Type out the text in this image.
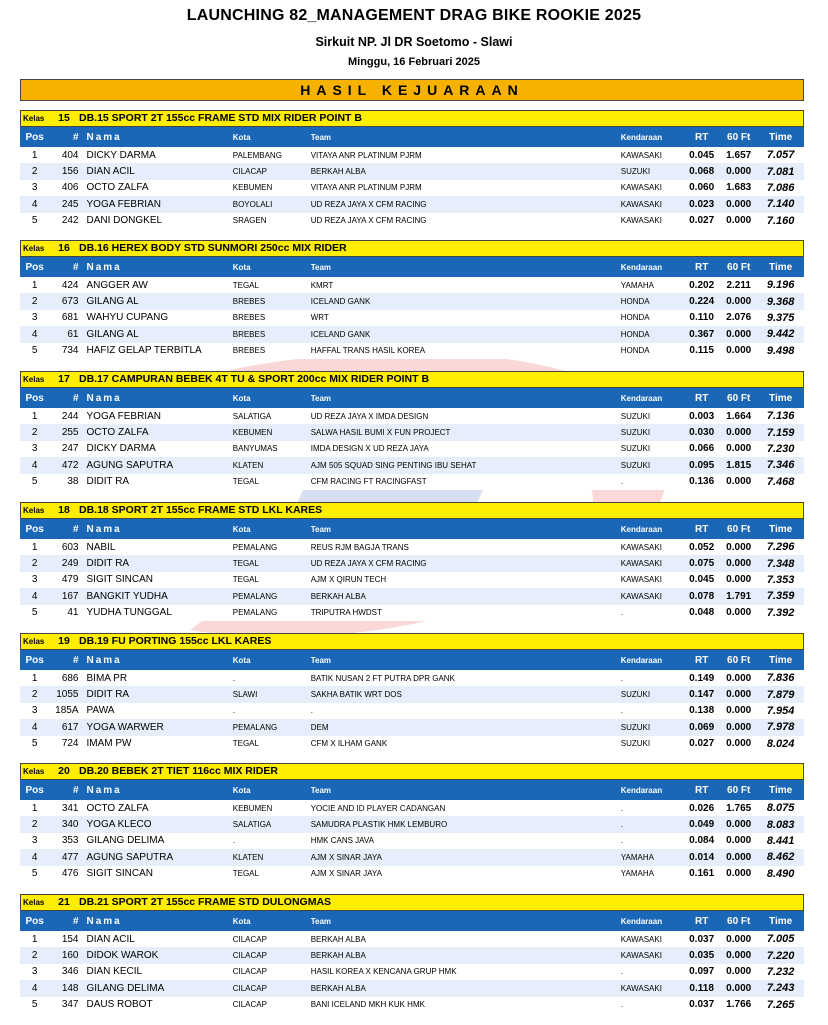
LAUNCHING 82_MANAGEMENT DRAG BIKE ROOKIE 2025
Sirkuit NP. Jl DR Soetomo - Slawi
Minggu, 16 Februari 2025
HASIL KEJUARAAN
Kelas	15 DB.15 SPORT 2T 155cc FRAME STD MIX RIDER POINT B
Pos	# Nama	Kota	Team	Kendaraan	RT	60 Ft	Time
1	404 DICKY DARMA	PALEMBANG	VITAYA ANR PLATINUM PJRM	KAWASAKI	0.045	1.657	7.057
2	156 DIAN ACIL	CILACAP	BERKAH ALBA	SUZUKI	0.068	0.000	7.081
3	406 OCTO ZALFA	KEBUMEN	VITAYA ANR PLATINUM PJRM	KAWASAKI	0.060	1.683	7.086
4	245 YOGA FEBRIAN	BOYOLALI	UD REZA JAYA X CFM RACING	KAWASAKI	0.023	0.000	7.140
5	242 DANI DONGKEL	SRAGEN	UD REZA JAYA X CFM RACING	KAWASAKI	0.027	0.000	7.160
Kelas	16 DB.16 HEREX BODY STD SUNMORI 250cc MIX RIDER
Pos	# Nama	Kota	Team	Kendaraan	RT	60 Ft	Time
1	424 ANGGER AW	TEGAL	KMRT	YAMAHA	0.202	2.211	9.196
2	673 GILANG AL	BREBES	ICELAND GANK	HONDA	0.224	0.000	9.368
3	681 WAHYU CUPANG	BREBES	WRT	HONDA	0.110	2.076	9.375
4	61 GILANG AL	BREBES	ICELAND GANK	HONDA	0.367	0.000	9.442
5	734 HAFIZ GELAP TERBITLA	BREBES	HAFFAL TRANS HASIL KOREA	HONDA	0.115	0.000	9.498
Kelas	17 DB.17 CAMPURAN BEBEK 4T TU & SPORT 200cc MIX RIDER POINT B
Pos	# Nama	Kota	Team	Kendaraan	RT	60 Ft	Time
1	244 YOGA FEBRIAN	SALATIGA	UD REZA JAYA X IMDA DESIGN	SUZUKI	0.003	1.664	7.136
2	255 OCTO ZALFA	KEBUMEN	SALWA HASIL BUMI X FUN PROJECT	SUZUKI	0.030	0.000	7.159
3	247 DICKY DARMA	BANYUMAS	IMDA DESIGN X UD REZA JAYA	SUZUKI	0.066	0.000	7.230
4	472 AGUNG SAPUTRA	KLATEN	AJM 505 SQUAD SING PENTING IBU SEHAT	SUZUKI	0.095	1.815	7.346
5	38 DIDIT RA	TEGAL	CFM RACING FT RACINGFAST	.	0.136	0.000	7.468
Kelas	18 DB.18 SPORT 2T 155cc FRAME STD LKL KARES
Pos	# Nama	Kota	Team	Kendaraan	RT	60 Ft	Time
1	603 NABIL	PEMALANG	REUS RJM BAGJA TRANS	KAWASAKI	0.052	0.000	7.296
2	249 DIDIT RA	TEGAL	UD REZA JAYA X CFM RACING	KAWASAKI	0.075	0.000	7.348
3	479 SIGIT SINCAN	TEGAL	AJM X QIRUN TECH	KAWASAKI	0.045	0.000	7.353
4	167 BANGKIT YUDHA	PEMALANG	BERKAH ALBA	KAWASAKI	0.078	1.791	7.359
5	41 YUDHA TUNGGAL	PEMALANG	TRIPUTRA HWDST	.	0.048	0.000	7.392
Kelas	19 DB.19 FU PORTING 155cc LKL KARES
Pos	# Nama	Kota	Team	Kendaraan	RT	60 Ft	Time
1	686 BIMA PR	.	BATIK NUSAN 2 FT PUTRA DPR GANK	.	0.149	0.000	7.836
2	1055 DIDIT RA	SLAWI	SAKHA BATIK WRT DOS	SUZUKI	0.147	0.000	7.879
3	185A PAWA	.	.	.	0.138	0.000	7.954
4	617 YOGA WARWER	PEMALANG	DEM	SUZUKI	0.069	0.000	7.978
5	724 IMAM PW	TEGAL	CFM X ILHAM GANK	SUZUKI	0.027	0.000	8.024
Kelas	20 DB.20 BEBEK 2T TIET 116cc MIX RIDER
Pos	# Nama	Kota	Team	Kendaraan	RT	60 Ft	Time
1	341 OCTO ZALFA	KEBUMEN	YOCIE AND ID PLAYER CADANGAN	.	0.026	1.765	8.075
2	340 YOGA KLECO	SALATIGA	SAMUDRA PLASTIK HMK LEMBURO	.	0.049	0.000	8.083
3	353 GILANG DELIMA	.	HMK CANS JAVA	.	0.084	0.000	8.441
4	477 AGUNG SAPUTRA	KLATEN	AJM X SINAR JAYA	YAMAHA	0.014	0.000	8.462
5	476 SIGIT SINCAN	TEGAL	AJM X SINAR JAYA	YAMAHA	0.161	0.000	8.490
Kelas	21 DB.21 SPORT 2T 155cc FRAME STD DULONGMAS
Pos	# Nama	Kota	Team	Kendaraan	RT	60 Ft	Time
1	154 DIAN ACIL	CILACAP	BERKAH ALBA	KAWASAKI	0.037	0.000	7.005
2	160 DIDOK WAROK	CILACAP	BERKAH ALBA	KAWASAKI	0.035	0.000	7.220
3	346 DIAN KECIL	CILACAP	HASIL KOREA X KENCANA GRUP HMK	.	0.097	0.000	7.232
4	148 GILANG DELIMA	CILACAP	BERKAH ALBA	KAWASAKI	0.118	0.000	7.243
5	347 DAUS ROBOT	CILACAP	BANI ICELAND MKH KUK HMK	.	0.037	1.766	7.265
